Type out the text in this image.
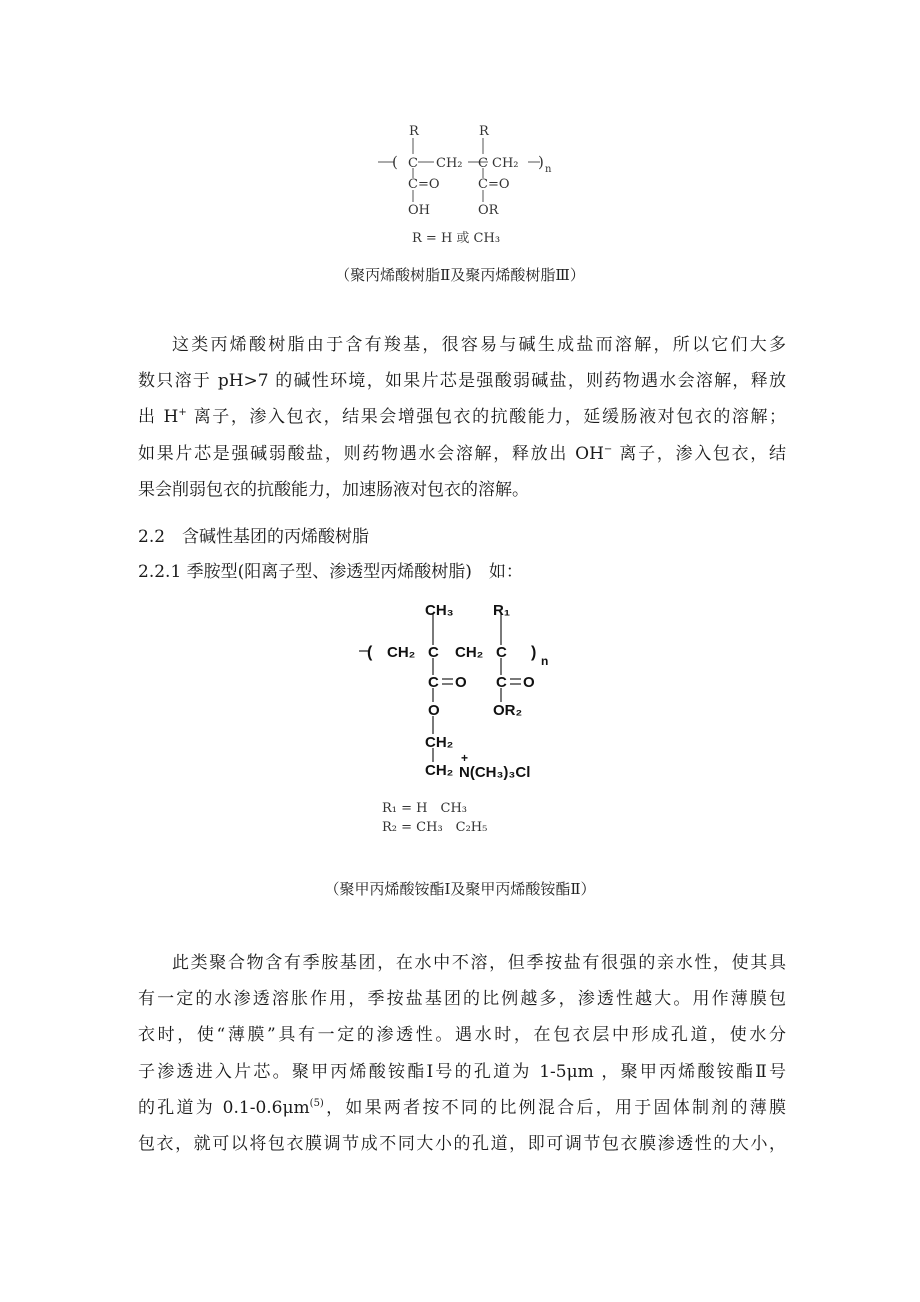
R	R
( C CH₂ C CH₂ ) n
C=O	C=O
OH	OR
R = H 或 CH₃
（聚丙烯酸树脂Ⅱ及聚丙烯酸树脂Ⅲ）
这类丙烯酸树脂由于含有羧基，很容易与碱生成盐而溶解，所以它们大多
数只溶于 pH>7 的碱性环境，如果片芯是强酸弱碱盐，则药物遇水会溶解，释放
出 H+ 离子，渗入包衣，结果会增强包衣的抗酸能力，延缓肠液对包衣的溶解；
如果片芯是强碱弱酸盐，则药物遇水会溶解，释放出 OH− 离子，渗入包衣，结
果会削弱包衣的抗酸能力，加速肠液对包衣的溶解。
2.2　含碱性基团的丙烯酸树脂
2.2.1 季胺型(阳离子型、渗透型丙烯酸树脂)　如：
CH₃	R₁
( CH₂ C CH₂ C ) n
C O C O
O	OR₂
CH₂
CH₂
+
N(CH₃)₃Cl
R₁ = H　CH₃
R₂ = CH₃　C₂H₅
（聚甲丙烯酸铵酯Ⅰ及聚甲丙烯酸铵酯Ⅱ）
此类聚合物含有季胺基团，在水中不溶，但季按盐有很强的亲水性，使其具
有一定的水渗透溶胀作用，季按盐基团的比例越多，渗透性越大。用作薄膜包
衣时，使“薄膜”具有一定的渗透性。遇水时，在包衣层中形成孔道，使水分
子渗透进入片芯。聚甲丙烯酸铵酯Ⅰ号的孔道为 1-5μm ，聚甲丙烯酸铵酯Ⅱ号
的孔道为 $0.1-0.6\mu m^{(5)}$，如果两者按不同的比例混合后，用于固体制剂的薄膜
包衣，就可以将包衣膜调节成不同大小的孔道，即可调节包衣膜渗透性的大小，
